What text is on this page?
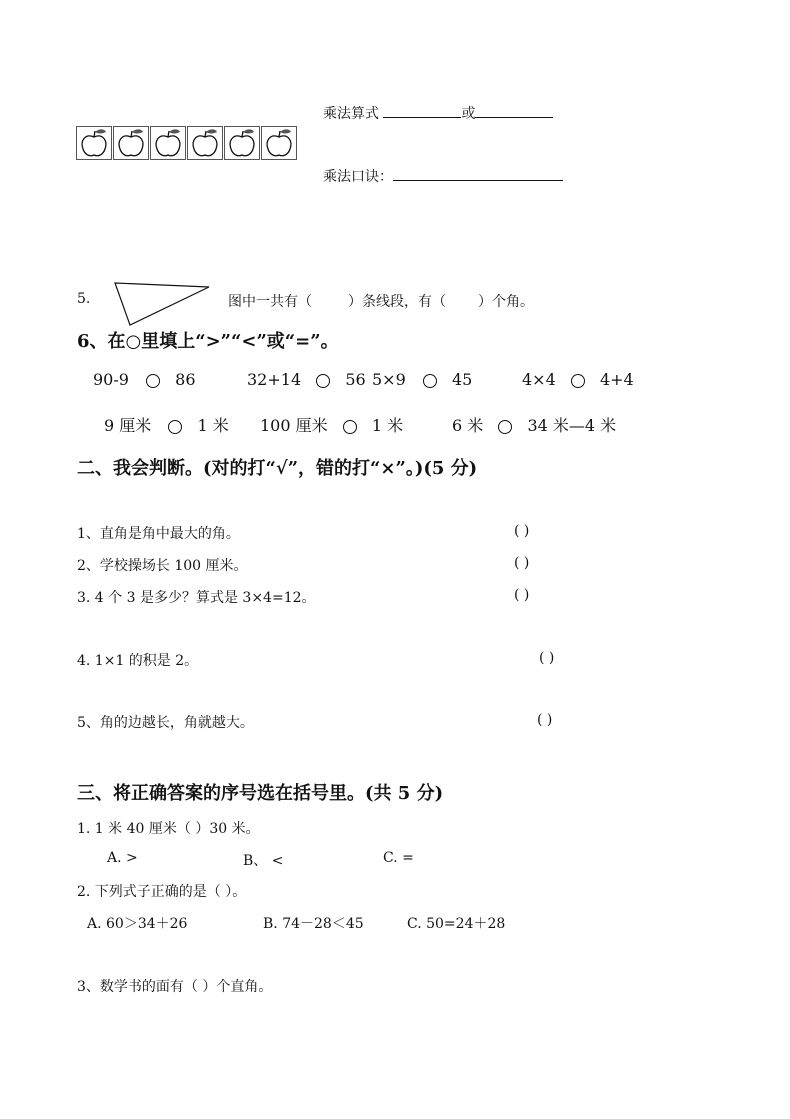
乘法算式	或
乘法口诀：
5.	图中一共有（	）条线段，有（ ）个角。
6、在○里填上“>”“<”或“=”。
90-9	86	32+14	56 5×9	45	4×4	4+4
9 厘米	1 米 100 厘米	1 米	6 米	34 米—4 米
二、我会判断。(对的打“√”，错的打“×”。)(5 分)
1、直角是角中最大的角。	( )
2、学校操场长 100 厘米。	( )
3. 4 个 3 是多少？算式是 3×4=12。	( )
4. 1×1 的积是 2。	( )
5、角的边越长，角就越大。	( )
三、将正确答案的序号选在括号里。(共 5 分)
1. 1 米 40 厘米（ ）30 米。
A. >	B、 <	C. =
2. 下列式子正确的是（ ）。
A. 60＞34＋26	B. 74－28＜45	C. 50=24＋28
3、数学书的面有（ ）个直角。
